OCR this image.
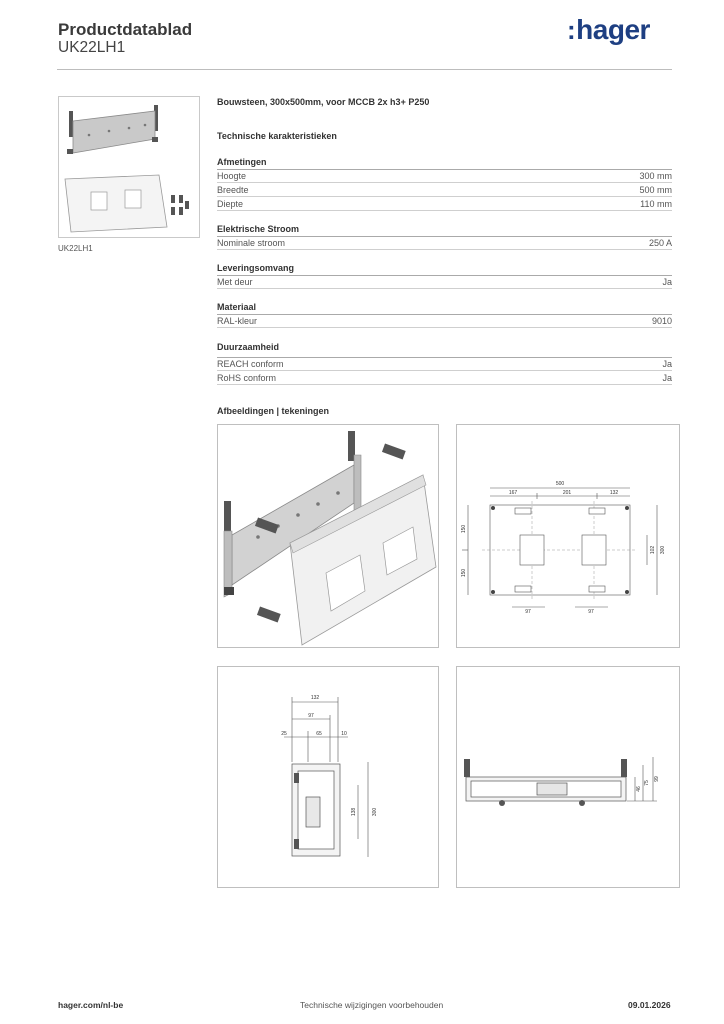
Productdatablad
UK22LH1
:hager
UK22LH1
Bouwsteen, 300x500mm, voor MCCB 2x h3+ P250
Technische karakteristieken
Afmetingen
Hoogte	300 mm
Breedte	500 mm
Diepte	110 mm
Elektrische Stroom
Nominale stroom	250 A
Leveringsomvang
Met deur	Ja
Materiaal
RAL-kleur	9010
Duurzaamheid
REACH conform	Ja
RoHS conform	Ja
Afbeeldingen | tekeningen
500
167	201	132
150
150
102 300
97	97
132
97
25	65	10
138	300
46
75
99
hager.com/nl-be	Technische wijzigingen voorbehouden	09.01.2026
